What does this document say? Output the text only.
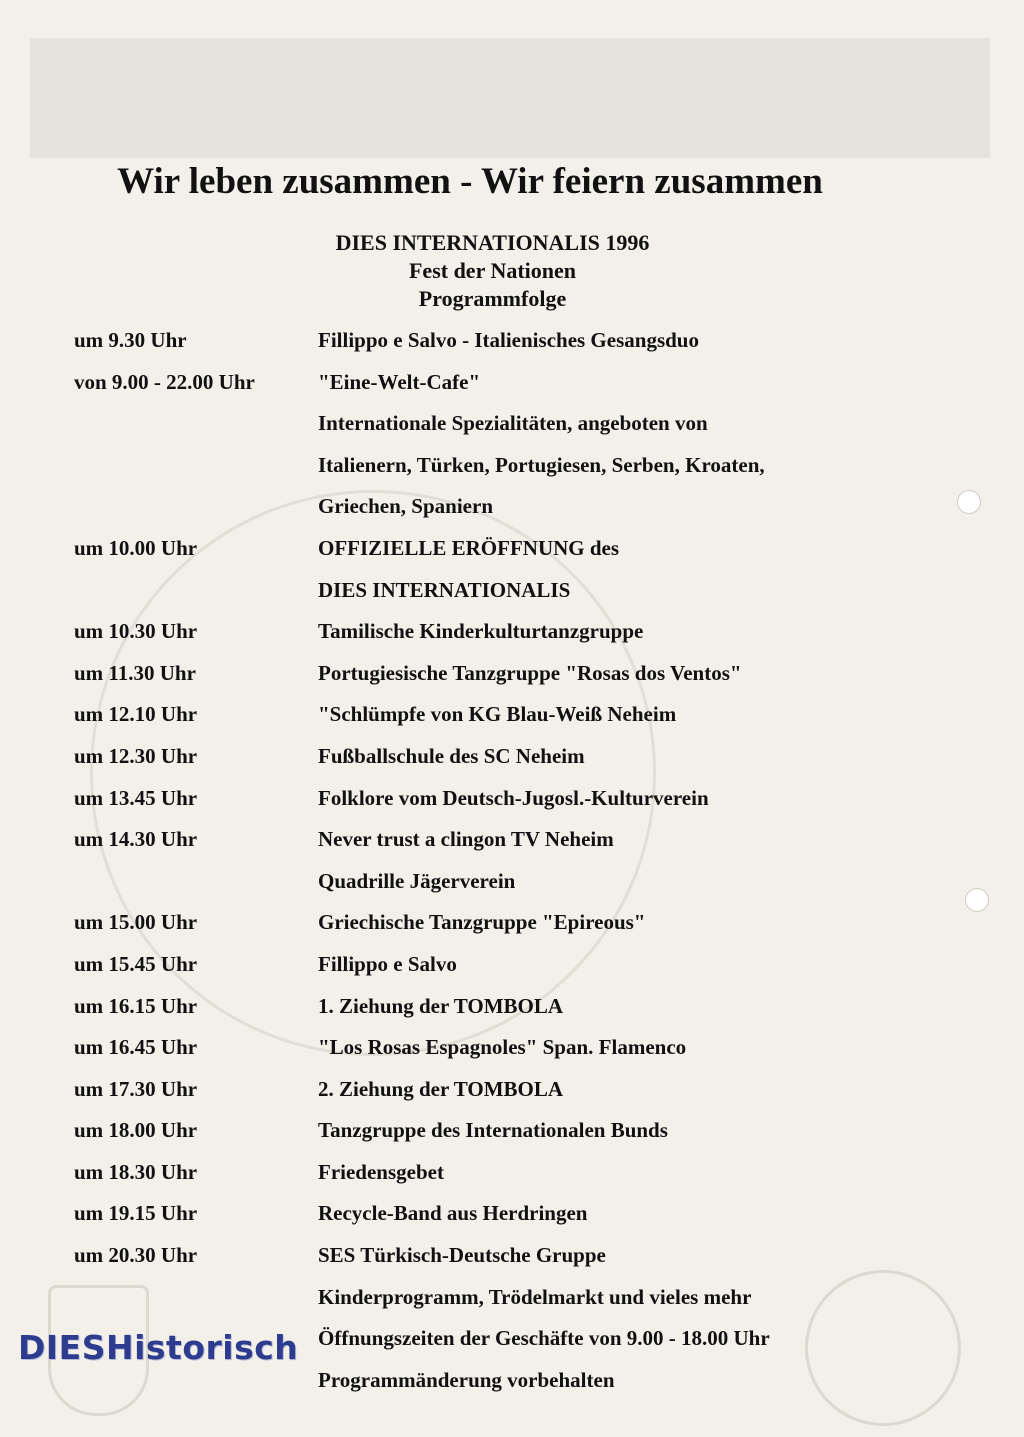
Wir leben zusammen - Wir feiern zusammen

DIES INTERNATIONALIS 1996

Fest der Nationen

Programmfolge

um 9.30 Uhr	Fillippo e Salvo - Italienisches Gesangsduo
von 9.00 - 22.00 Uhr	"Eine-Welt-Cafe"
Internationale Spezialitäten, angeboten von
Italienern, Türken, Portugiesen, Serben, Kroaten,
Griechen, Spaniern
um 10.00 Uhr	OFFIZIELLE ERÖFFNUNG des
DIES INTERNATIONALIS
um 10.30 Uhr	Tamilische Kinderkulturtanzgruppe
um 11.30 Uhr	Portugiesische Tanzgruppe "Rosas dos Ventos"
um 12.10 Uhr	"Schlümpfe von KG Blau-Weiß Neheim
um 12.30 Uhr	Fußballschule des SC Neheim
um 13.45 Uhr	Folklore vom Deutsch-Jugosl.-Kulturverein
um 14.30 Uhr	Never trust a clingon TV Neheim
Quadrille Jägerverein
um 15.00 Uhr	Griechische Tanzgruppe "Epireous"
um 15.45 Uhr	Fillippo e Salvo
um 16.15 Uhr	1. Ziehung der TOMBOLA
um 16.45 Uhr	"Los Rosas Espagnoles" Span. Flamenco
um 17.30 Uhr	2. Ziehung der TOMBOLA
um 18.00 Uhr	Tanzgruppe des Internationalen Bunds
um 18.30 Uhr	Friedensgebet
um 19.15 Uhr	Recycle-Band aus Herdringen
um 20.30 Uhr	SES Türkisch-Deutsche Gruppe
Kinderprogramm, Trödelmarkt und vieles mehr
Öffnungszeiten der Geschäfte von 9.00 - 18.00 Uhr
Programmänderung vorbehalten
DIESHistorisch
